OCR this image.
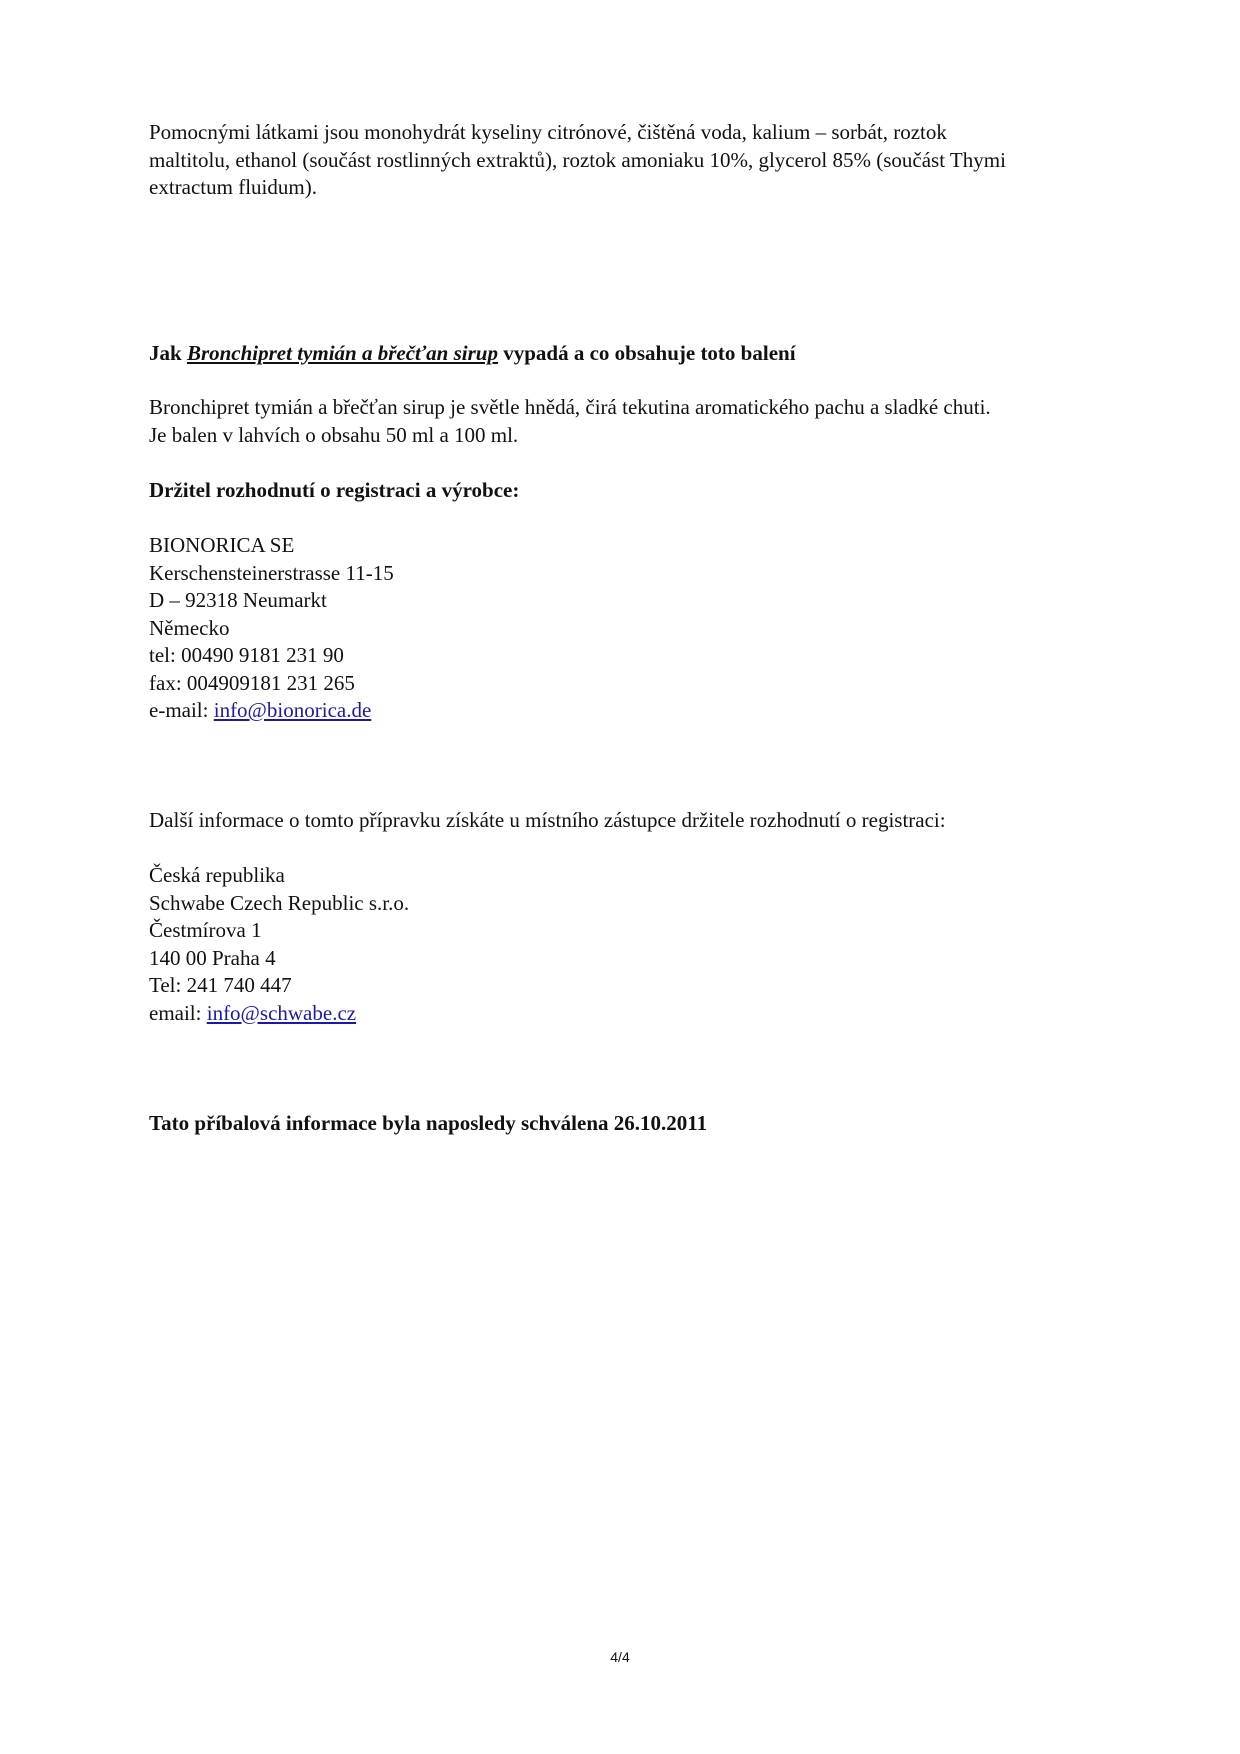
Pomocnými látkami jsou monohydrát kyseliny citrónové, čištěná voda, kalium – sorbát, roztok
maltitolu, ethanol (součást rostlinných extraktů), roztok amoniaku 10%, glycerol 85% (součást Thymi
extractum fluidum).
Jak Bronchipret tymián a břečťan sirup vypadá a co obsahuje toto balení
Bronchipret tymián a břečťan sirup je světle hnědá, čirá tekutina aromatického pachu a sladké chuti.
Je balen v lahvích o obsahu 50 ml a 100 ml.
Držitel rozhodnutí o registraci a výrobce:
BIONORICA SE
Kerschensteinerstrasse 11-15
D – 92318 Neumarkt
Německo
tel: 00490 9181 231 90
fax: 004909181 231 265
e-mail: info@bionorica.de
Další informace o tomto přípravku získáte u místního zástupce držitele rozhodnutí o registraci:
Česká republika
Schwabe Czech Republic s.r.o.
Čestmírova 1
140 00 Praha 4
Tel: 241 740 447
email: info@schwabe.cz
Tato příbalová informace byla naposledy schválena 26.10.2011
4/4
